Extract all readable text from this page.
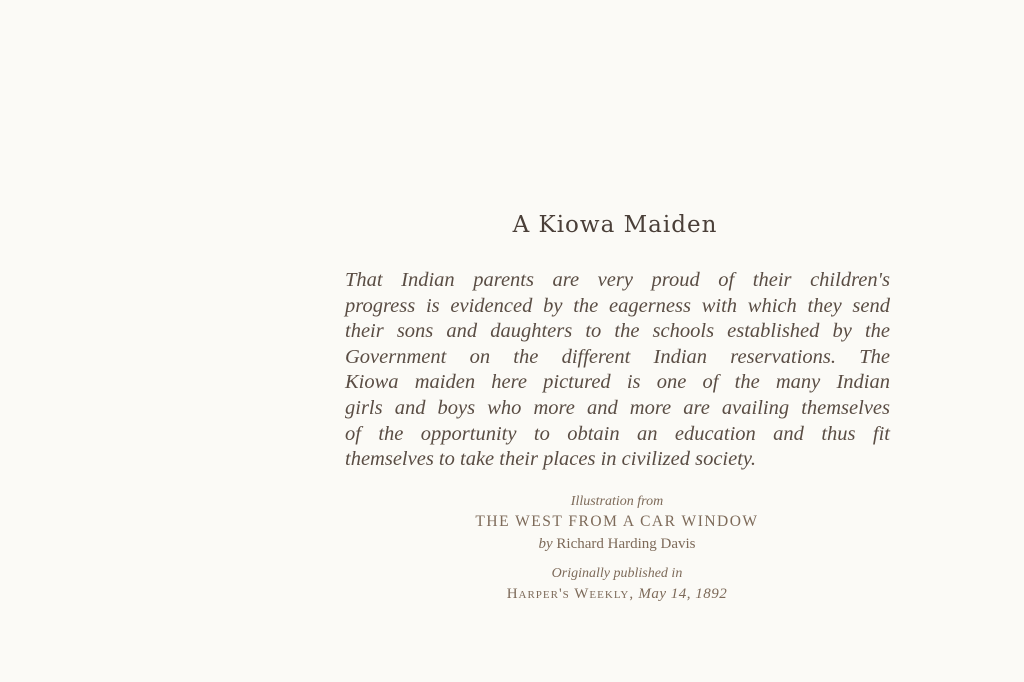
A Kiowa Maiden
That Indian parents are very proud of their children's
progress is evidenced by the eagerness with which they send
their sons and daughters to the schools established by the
Government on the different Indian reservations. The
Kiowa maiden here pictured is one of the many Indian
girls and boys who more and more are availing themselves
of the opportunity to obtain an education and thus fit
themselves to take their places in civilized society.
Illustration from
THE WEST FROM A CAR WINDOW
by Richard Harding Davis
Originally published in
Harper's Weekly, May 14, 1892
